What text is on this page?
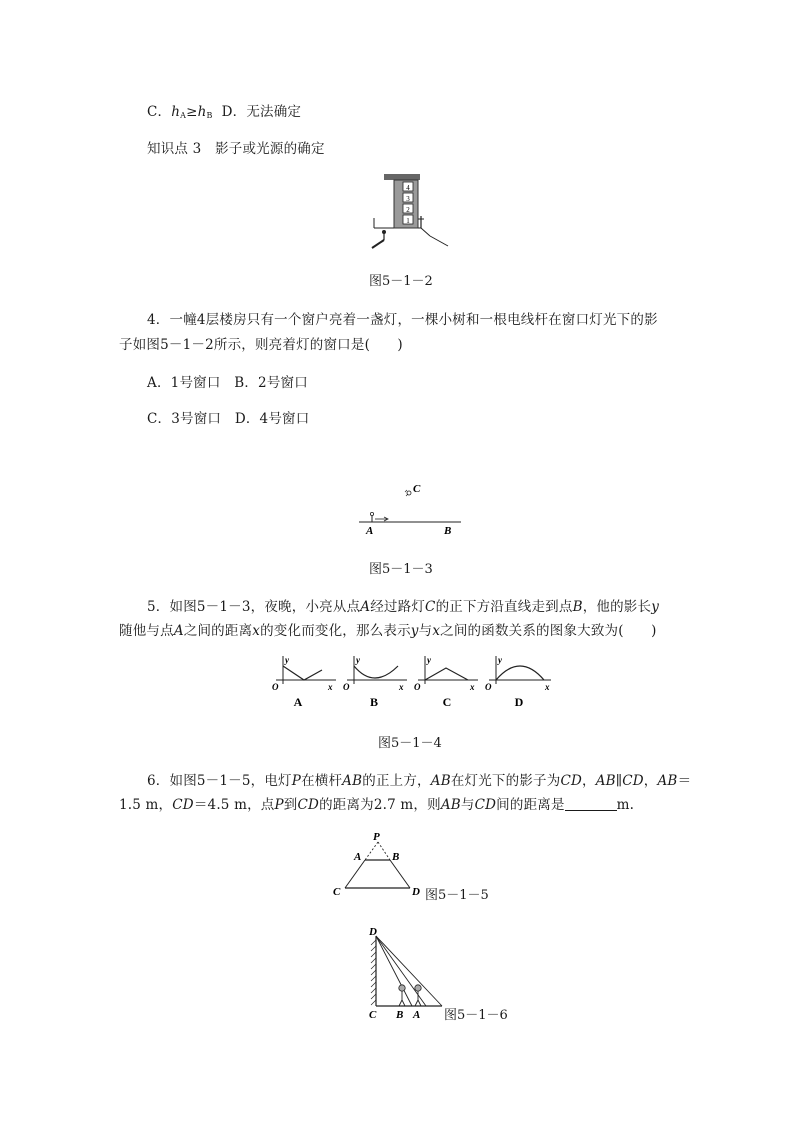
C．$h_A\ge h_B$ D．无法确定
知识点 3　影子或光源的确定
4
3
2
1
图5－1－2
4．一幢4层楼房只有一个窗户亮着一盏灯，一棵小树和一根电线杆在窗口灯光下的影
子如图5－1－2所示，则亮着灯的窗口是(　　)
A．1号窗口　B．2号窗口
C．3号窗口　D．4号窗口
C
A	B
图5－1－3
5．如图5－1－3，夜晚，小亮从点A经过路灯C的正下方沿直线走到点B，他的影长y
随他与点A之间的距离x的变化而变化，那么表示y与x之间的函数关系的图象大致为(　　)
y
O	x
A
y
O	x
B
y
O	x
C
y
O	x
D
图5－1－4
6．如图5－1－5，电灯P在横杆AB的正上方，AB在灯光下的影子为CD，AB∥CD，AB＝
1.5 m，CD＝4.5 m，点P到CD的距离为2.7 m，则AB与CD间的距离是	m.
P
A	B
C	D 图5－1－5
D
C B A 图5－1－6
